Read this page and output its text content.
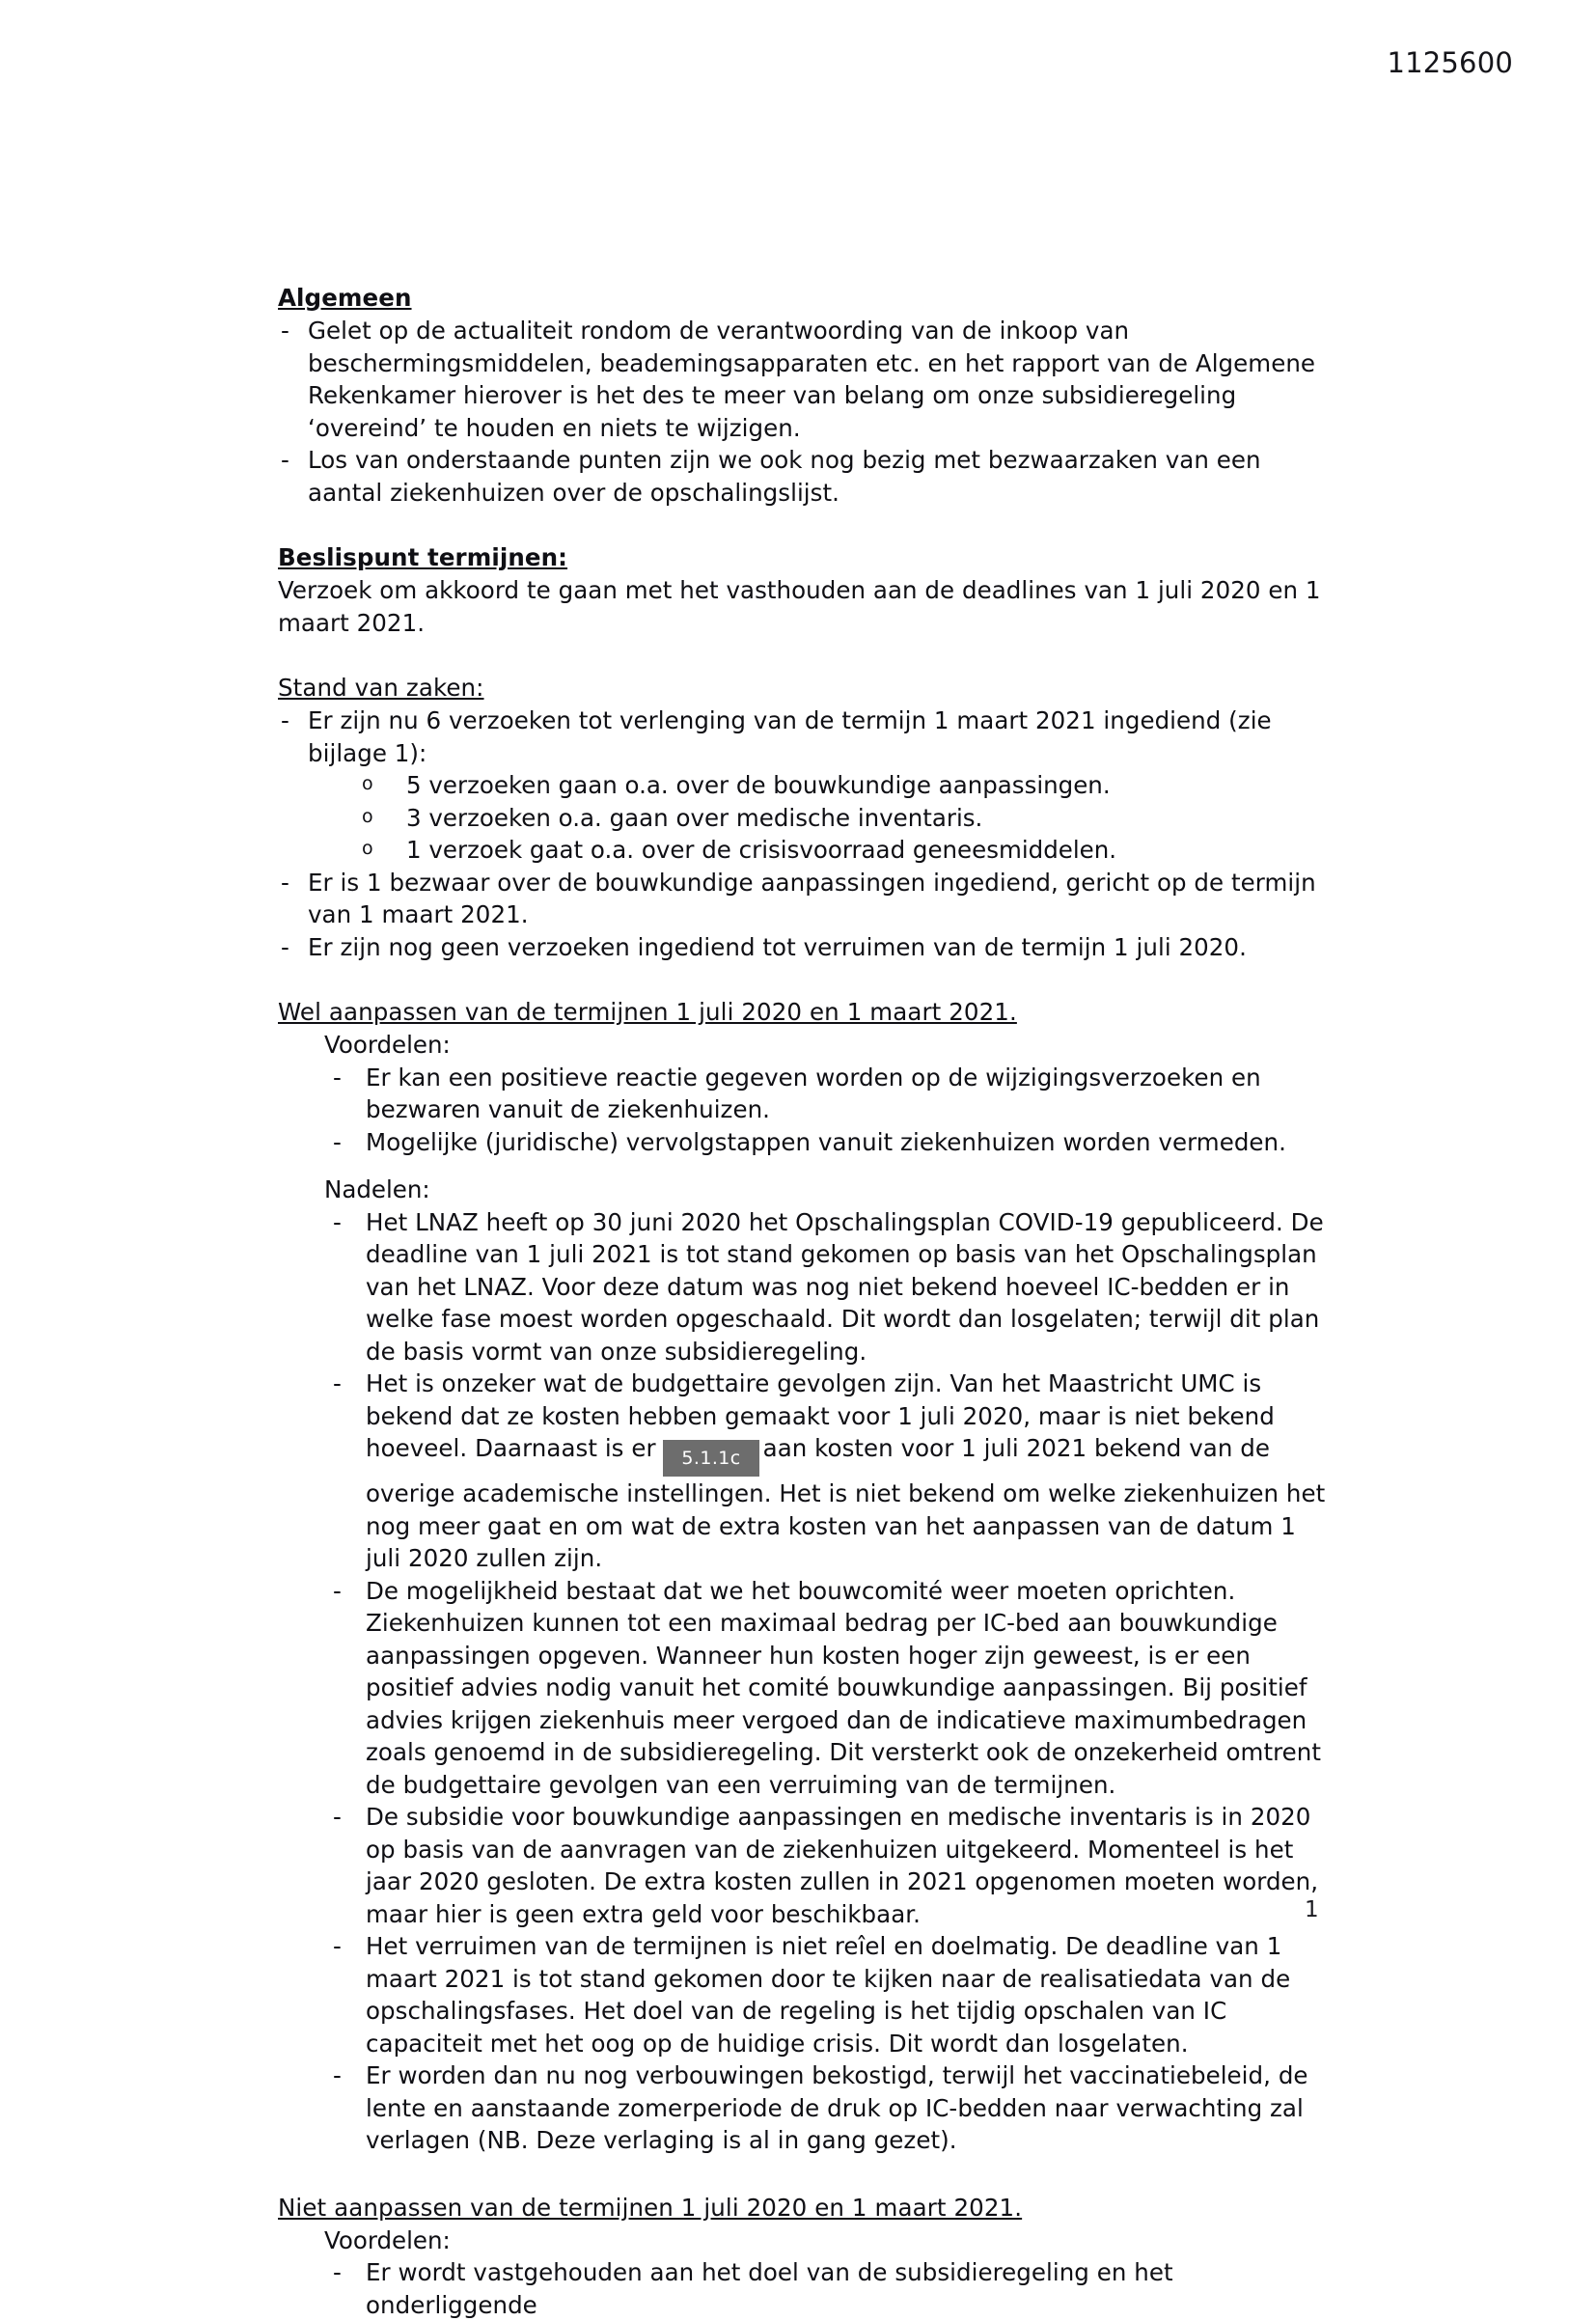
1125600
Algemeen
- Gelet op de actualiteit rondom de verantwoording van de inkoop van beschermingsmiddelen, beademingsapparaten etc. en het rapport van de Algemene Rekenkamer hierover is het des te meer van belang om onze subsidieregeling ‘overeind’ te houden en niets te wijzigen.
- Los van onderstaande punten zijn we ook nog bezig met bezwaarzaken van een aantal ziekenhuizen over de opschalingslijst.
Beslispunt termijnen:
Verzoek om akkoord te gaan met het vasthouden aan de deadlines van 1 juli 2020 en 1 maart 2021.
Stand van zaken:
- Er zijn nu 6 verzoeken tot verlenging van de termijn 1 maart 2021 ingediend (zie bijlage 1):
o 5 verzoeken gaan o.a. over de bouwkundige aanpassingen.
o 3 verzoeken o.a. gaan over medische inventaris.
o 1 verzoek gaat o.a. over de crisisvoorraad geneesmiddelen.
- Er is 1 bezwaar over de bouwkundige aanpassingen ingediend, gericht op de termijn van 1 maart 2021.
- Er zijn nog geen verzoeken ingediend tot verruimen van de termijn 1 juli 2020.
Wel aanpassen van de termijnen 1 juli 2020 en 1 maart 2021.
Voordelen:
- Er kan een positieve reactie gegeven worden op de wijzigingsverzoeken en bezwaren vanuit de ziekenhuizen.
- Mogelijke (juridische) vervolgstappen vanuit ziekenhuizen worden vermeden.
Nadelen:
- Het LNAZ heeft op 30 juni 2020 het Opschalingsplan COVID-19 gepubliceerd. De deadline van 1 juli 2021 is tot stand gekomen op basis van het Opschalingsplan van het LNAZ. Voor deze datum was nog niet bekend hoeveel IC-bedden er in welke fase moest worden opgeschaald. Dit wordt dan losgelaten; terwijl dit plan de basis vormt van onze subsidieregeling.
- Het is onzeker wat de budgettaire gevolgen zijn. Van het Maastricht UMC is bekend dat ze kosten hebben gemaakt voor 1 juli 2020, maar is niet bekend hoeveel. Daarnaast is er 5.1.1c aan kosten voor 1 juli 2021 bekend van de overige academische instellingen. Het is niet bekend om welke ziekenhuizen het nog meer gaat en om wat de extra kosten van het aanpassen van de datum 1 juli 2020 zullen zijn.
- De mogelijkheid bestaat dat we het bouwcomité weer moeten oprichten. Ziekenhuizen kunnen tot een maximaal bedrag per IC-bed aan bouwkundige aanpassingen opgeven. Wanneer hun kosten hoger zijn geweest, is er een positief advies nodig vanuit het comité bouwkundige aanpassingen. Bij positief advies krijgen ziekenhuis meer vergoed dan de indicatieve maximumbedragen zoals genoemd in de subsidieregeling. Dit versterkt ook de onzekerheid omtrent de budgettaire gevolgen van een verruiming van de termijnen.
- De subsidie voor bouwkundige aanpassingen en medische inventaris is in 2020 op basis van de aanvragen van de ziekenhuizen uitgekeerd. Momenteel is het jaar 2020 gesloten. De extra kosten zullen in 2021 opgenomen moeten worden, maar hier is geen extra geld voor beschikbaar.
- Het verruimen van de termijnen is niet reîel en doelmatig. De deadline van 1 maart 2021 is tot stand gekomen door te kijken naar de realisatiedata van de opschalingsfases. Het doel van de regeling is het tijdig opschalen van IC capaciteit met het oog op de huidige crisis. Dit wordt dan losgelaten.
- Er worden dan nu nog verbouwingen bekostigd, terwijl het vaccinatiebeleid, de lente en aanstaande zomerperiode de druk op IC-bedden naar verwachting zal verlagen (NB. Deze verlaging is al in gang gezet).
Niet aanpassen van de termijnen 1 juli 2020 en 1 maart 2021.
Voordelen:
- Er wordt vastgehouden aan het doel van de subsidieregeling en het onderliggende
1
